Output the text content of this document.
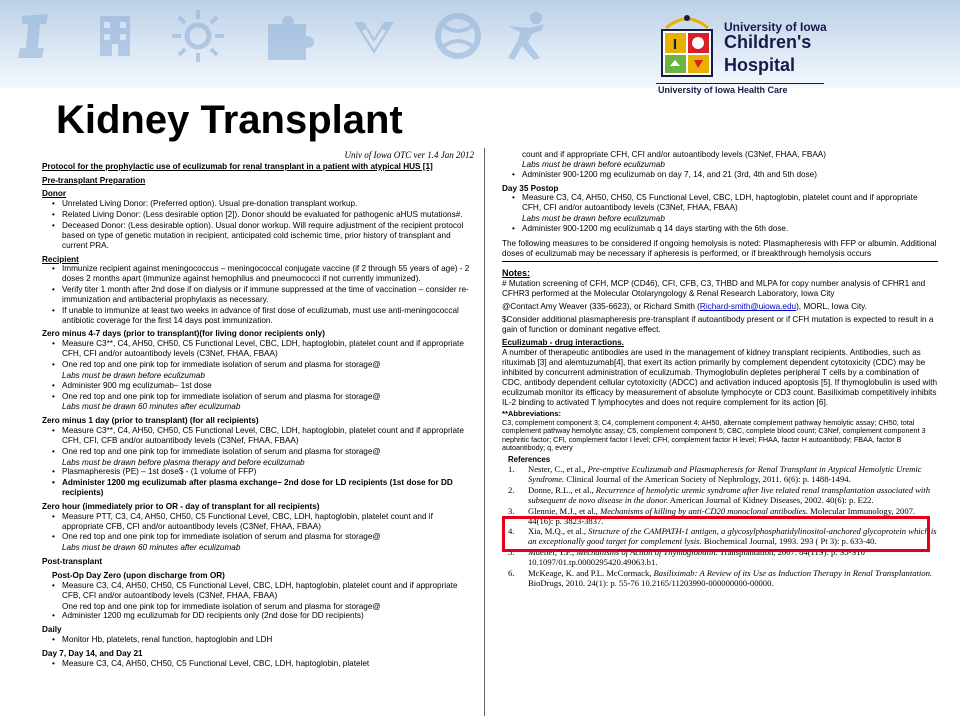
I
University of Iowa
Children's
Hospital
University of Iowa Health Care
Kidney Transplant
Univ of Iowa OTC ver 1.4 Jan 2012
Protocol for the prophylactic use of eculizumab for renal transplant in a patient with atypical HUS [1]
Pre-transplant Preparation
Donor
• Unrelated Living Donor: (Preferred option). Usual pre-donation transplant workup.
• Related Living Donor: (Less desirable option [2]). Donor should be evaluated for pathogenic aHUS mutations#.
• Deceased Donor: (Less desirable option). Usual donor workup. Will require adjustment of the recipient protocol based on type of genetic mutation in recipient, anticipated cold ischemic time, prior history of transplant and current PRA.
Recipient
• Immunize recipient against meningococcus – meningococcal conjugate vaccine (if 2 through 55 years of age) - 2 doses 2 months apart (immunize against hemophilus and pneumococci if not currently immunized).
• Verify titer 1 month after 2nd dose if on dialysis or if immune suppressed at the time of vaccination – consider re-immunization and antibacterial prophylaxis as necessary.
• If unable to immunize at least two weeks in advance of first dose of eculizumab, must use anti-meningococcal antibiotic coverage for the first 14 days post immunization.
Zero minus 4-7 days (prior to transplant)(for living donor recipients only)
• Measure C3**, C4, AH50, CH50, C5 Functional Level, CBC, LDH, haptoglobin, platelet count and if appropriate CFH, CFI and/or autoantibody levels (C3Nef, FHAA, FBAA)
• One red top and one pink top for immediate isolation of serum and plasma for storage@
Labs must be drawn before eculizumab
• Administer 900 mg eculizumab– 1st dose
• One red top and one pink top for immediate isolation of serum and plasma for storage@
Labs must be drawn 60 minutes after eculizumab
Zero minus 1 day (prior to transplant) (for all recipients)
• Measure C3**, C4, AH50, CH50, C5 Functional Level, CBC, LDH, haptoglobin, platelet count and if appropriate CFH, CFI, CFB and/or autoantibody levels (C3Nef, FHAA, FBAA)
• One red top and one pink top for immediate isolation of serum and plasma for storage@
Labs must be drawn before plasma therapy and before eculizumab
• Plasmapheresis (PE) – 1st dose$ - (1 volume of FFP)
• Administer 1200 mg eculizumab after plasma exchange– 2nd dose for LD recipients (1st dose for DD recipients)
Zero hour (immediately prior to OR - day of transplant for all recipients)
• Measure PTT, C3, C4, AH50, CH50, C5 Functional Level, CBC, LDH, haptoglobin, platelet count and if appropriate CFB, CFI and/or autoantibody levels (C3Nef, FHAA, FBAA)
• One red top and one pink top for immediate isolation of serum and plasma for storage@
Labs must be drawn 60 minutes after eculizumab
Post-transplant
Post-Op Day Zero (upon discharge from OR)
• Measure C3, C4, AH50, CH50, C5 Functional Level, CBC, LDH, haptoglobin, platelet count and if appropriate CFB, CFI and/or autoantibody levels (C3Nef, FHAA, FBAA)
One red top and one pink top for immediate isolation of serum and plasma for storage@
• Administer 1200 mg eculizumab for DD recipients only (2nd dose for DD recipients)
Daily
• Monitor Hb, platelets, renal function, haptoglobin and LDH
Day 7, Day 14, and Day 21
• Measure C3, C4, AH50, CH50, C5 Functional Level, CBC, LDH, haptoglobin, platelet
count and if appropriate CFH, CFI and/or autoantibody levels (C3Nef, FHAA, FBAA)
Labs must be drawn before eculizumab
• Administer 900-1200 mg eculizumab on day 7, 14, and 21 (3rd, 4th and 5th dose)
Day 35 Postop
• Measure C3, C4, AH50, CH50, C5 Functional Level, CBC, LDH, haptoglobin, platelet count and if appropriate CFH, CFI and/or autoantibody levels (C3Nef, FHAA, FBAA)
Labs must be drawn before eculizumab
• Administer 900-1200 mg eculizumab q 14 days starting with the 6th dose.

The following measures to be considered if ongoing hemolysis is noted: Plasmapheresis with FFP or albumin. Additional doses of eculizumab may be necessary if apheresis is performed, or if breakthrough hemolysis occurs

Notes:

# Mutation screening of CFH, MCP (CD46), CFI, CFB, C3, THBD and MLPA for copy number analysis of CFHR1 and CFHR3 performed at the Molecular Otolaryngology & Renal Research Laboratory, Iowa City

@Contact Amy Weaver (335-6623), or Richard Smith (Richard-smith@uiowa.edu), MORL, Iowa City.

$Consider additional plasmapheresis pre-transplant if autoantibody present or if CFH mutation is expected to result in a gain of function or dominant negative effect.

Eculizumab - drug interactions.

A number of therapeutic antibodies are used in the management of kidney transplant recipients. Antibodies, such as rituximab [3] and alemtuzumab[4], that exert its action primarily by complement dependent cytotoxicity (CDC) may be inhibited by concurrent administration of eculizumab. Thymoglobulin depletes peripheral T cells by a combination of CDC, antibody dependent cellular cytotoxicity (ADCC) and activation induced apoptosis [5]. If thymoglobulin is used with eculizumab monitor its efficacy by measurement of absolute lymphocyte or CD3 count. Basiliximab competitively inhibits IL-2 binding to activated T lymphocytes and does not require complement for its action [6].

**Abbreviations:
C3, complement component 3; C4, complement component 4; AH50, alternate complement pathway hemolytic assay; CH50, total complement pathway hemolytic assay; C5, complement component 5; CBC, complete blood count; C3Nef, complement component 3 nephritic factor; CFI, complement factor I level; CFH, complement factor H level; FHAA, factor H autoantibody; FBAA, factor B autoantibody; q, every
References
1. Nester, C., et al., Pre-emptive Eculizumab and Plasmapheresis for Renal Transplant in Atypical Hemolytic Uremic Syndrome. Clinical Journal of the American Society of Nephrology, 2011. 6(6): p. 1488-1494.
2. Donne, R.L., et al., Recurrence of hemolytic uremic syndrome after live related renal transplantation associated with subsequent de novo disease in the donor. American Journal of Kidney Diseases, 2002. 40(6): p. E22.
3. Glennie, M.J., et al., Mechanisms of killing by anti-CD20 monoclonal antibodies. Molecular Immunology, 2007. 44(16): p. 3823-3837.
4. Xia, M.Q., et al., Structure of the CAMPATH-1 antigen, a glycosylphosphatidylinositol-anchored glycoprotein which is an exceptionally good target for complement lysis. Biochemical Journal, 1993. 293 ( Pt 3): p. 633-40.
5. Mueller, T.F., Mechanisms of Action of Thymoglobulin. Transplantation, 2007. 84(11S): p. S5-S10 10.1097/01.tp.0000295420.49063.b1.
6. McKeage, K. and P.L. McCormack, Basiliximab: A Review of its Use as Induction Therapy in Renal Transplantation. BioDrugs, 2010. 24(1): p. 55-76 10.2165/11203990-000000000-00000.
